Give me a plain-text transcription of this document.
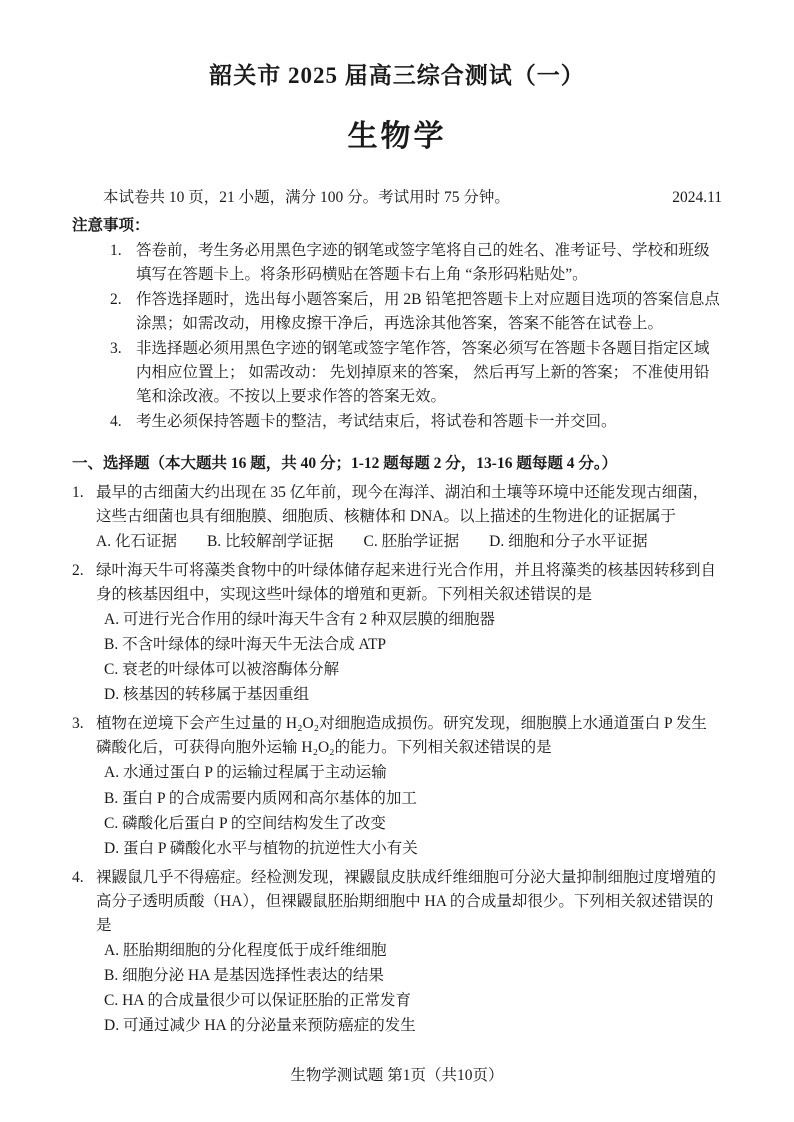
韶关市 2025 届高三综合测试（一）
生物学
本试卷共 10 页，21 小题，满分 100 分。考试用时 75 分钟。	2024.11
注意事项：
1. 答卷前，考生务必用黑色字迹的钢笔或签字笔将自己的姓名、准考证号、学校和班级填写在答题卡上。将条形码横贴在答题卡右上角 “条形码粘贴处”。
2. 作答选择题时，选出每小题答案后，用 2B 铅笔把答题卡上对应题目选项的答案信息点涂黑；如需改动，用橡皮擦干净后，再选涂其他答案，答案不能答在试卷上。
3. 非选择题必须用黑色字迹的钢笔或签字笔作答，答案必须写在答题卡各题目指定区域内相应位置上； 如需改动： 先划掉原来的答案， 然后再写上新的答案； 不准使用铅笔和涂改液。不按以上要求作答的答案无效。
4. 考生必须保持答题卡的整洁，考试结束后，将试卷和答题卡一并交回。
一、选择题（本大题共 16 题，共 40 分；1-12 题每题 2 分，13-16 题每题 4 分。）
1. 最早的古细菌大约出现在 35 亿年前，现今在海洋、湖泊和土壤等环境中还能发现古细菌，这些古细菌也具有细胞膜、细胞质、核糖体和 DNA。以上描述的生物进化的证据属于
A. 化石证据 B. 比较解剖学证据 C. 胚胎学证据 D. 细胞和分子水平证据
2. 绿叶海天牛可将藻类食物中的叶绿体储存起来进行光合作用，并且将藻类的核基因转移到自身的核基因组中，实现这些叶绿体的增殖和更新。下列相关叙述错误的是
A. 可进行光合作用的绿叶海天牛含有 2 种双层膜的细胞器
B. 不含叶绿体的绿叶海天牛无法合成 ATP
C. 衰老的叶绿体可以被溶酶体分解
D. 核基因的转移属于基因重组
3. 植物在逆境下会产生过量的 H₂O₂对细胞造成损伤。研究发现，细胞膜上水通道蛋白 P 发生磷酸化后，可获得向胞外运输 H₂O₂的能力。下列相关叙述错误的是
A. 水通过蛋白 P 的运输过程属于主动运输
B. 蛋白 P 的合成需要内质网和高尔基体的加工
C. 磷酸化后蛋白 P 的空间结构发生了改变
D. 蛋白 P 磷酸化水平与植物的抗逆性大小有关
4. 裸鼹鼠几乎不得癌症。经检测发现，裸鼹鼠皮肤成纤维细胞可分泌大量抑制细胞过度增殖的高分子透明质酸（HA），但裸鼹鼠胚胎期细胞中 HA 的合成量却很少。下列相关叙述错误的是
A. 胚胎期细胞的分化程度低于成纤维细胞
B. 细胞分泌 HA 是基因选择性表达的结果
C. HA 的合成量很少可以保证胚胎的正常发育
D. 可通过减少 HA 的分泌量来预防癌症的发生
生物学测试题 第1页（共10页）
